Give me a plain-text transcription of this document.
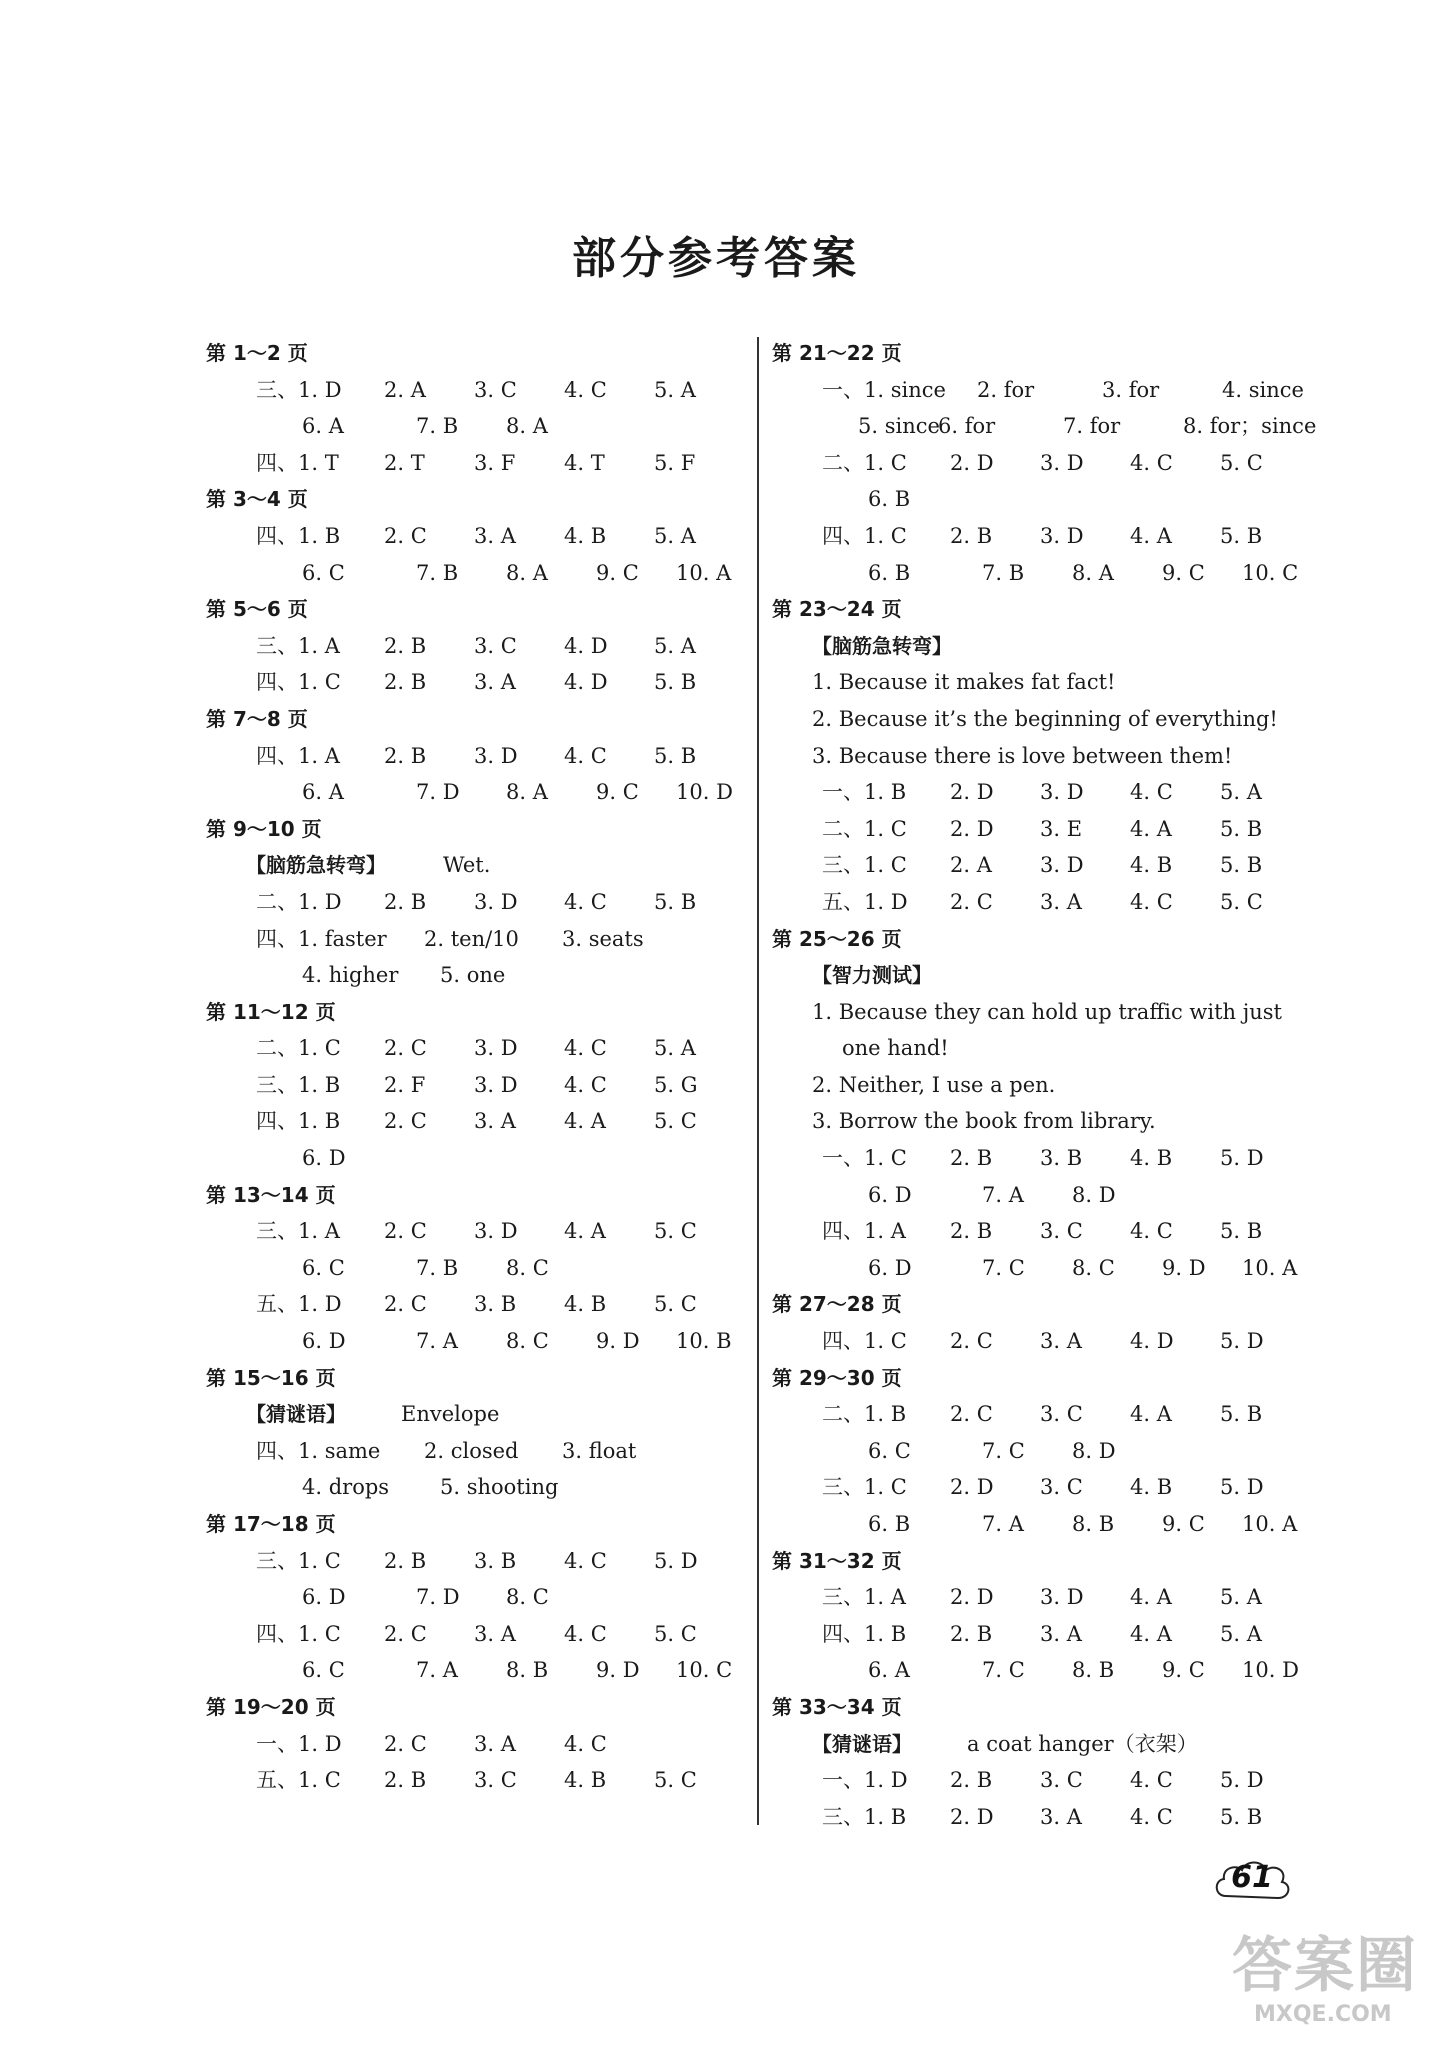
部分参考答案
第 1～2 页
三、1. D 2. A 3. C 4. C 5. A
6. A	7. B 8. A
四、1. T 2. T 3. F 4. T 5. F
第 3～4 页
四、1. B 2. C 3. A 4. B 5. A
6. C	7. B 8. A 9. C 10. A
第 5～6 页
三、1. A 2. B 3. C 4. D 5. A
四、1. C 2. B 3. A 4. D 5. B
第 7～8 页
四、1. A 2. B 3. D 4. C 5. B
6. A	7. D 8. A 9. C 10. D
第 9～10 页
【脑筋急转弯】	Wet.
二、1. D 2. B 3. D 4. C 5. B
四、1. faster 2. ten/10 3. seats
4. higher 5. one
第 11～12 页
二、1. C 2. C 3. D 4. C 5. A
三、1. B 2. F 3. D 4. C 5. G
四、1. B 2. C 3. A 4. A 5. C
6. D
第 13～14 页
三、1. A 2. C 3. D 4. A 5. C
6. C	7. B 8. C
五、1. D 2. C 3. B 4. B 5. C
6. D	7. A 8. C 9. D 10. B
第 15～16 页
【猜谜语】	Envelope
四、1. same 2. closed 3. float
4. drops 5. shooting
第 17～18 页
三、1. C 2. B 3. B 4. C 5. D
6. D	7. D 8. C
四、1. C 2. C 3. A 4. C 5. C
6. C	7. A 8. B 9. D 10. C
第 19～20 页
一、1. D 2. C 3. A 4. C
五、1. C 2. B 3. C 4. B 5. C
第 21～22 页
一、1. since 2. for	3. for	4. since
5. since
6. for	7. for	8. for；since
二、1. C 2. D 3. D 4. C 5. C
6. B
四、1. C 2. B 3. D 4. A 5. B
6. B	7. B 8. A 9. C 10. C
第 23～24 页
【脑筋急转弯】
1. Because it makes fat fact!
2. Because it’s the beginning of everything!
3. Because there is love between them!
一、1. B 2. D 3. D 4. C 5. A
二、1. C 2. D 3. E 4. A 5. B
三、1. C 2. A 3. D 4. B 5. B
五、1. D 2. C 3. A 4. C 5. C
第 25～26 页
【智力测试】
1. Because they can hold up traffic with just
one hand!
2. Neither, I use a pen.
3. Borrow the book from library.
一、1. C 2. B 3. B 4. B 5. D
6. D	7. A 8. D
四、1. A 2. B 3. C 4. C 5. B
6. D	7. C 8. C 9. D 10. A
第 27～28 页
四、1. C 2. C 3. A 4. D 5. D
第 29～30 页
二、1. B 2. C 3. C 4. A 5. B
6. C	7. C 8. D
三、1. C 2. D 3. C 4. B 5. D
6. B	7. A 8. B 9. C 10. A
第 31～32 页
三、1. A 2. D 3. D 4. A 5. A
四、1. B 2. B 3. A 4. A 5. A
6. A	7. C 8. B 9. C 10. D
第 33～34 页
【猜谜语】	a coat hanger（衣架）
一、1. D 2. B 3. C 4. C 5. D
三、1. B 2. D 3. A 4. C 5. B
61
答案圈
MXQE.COM
